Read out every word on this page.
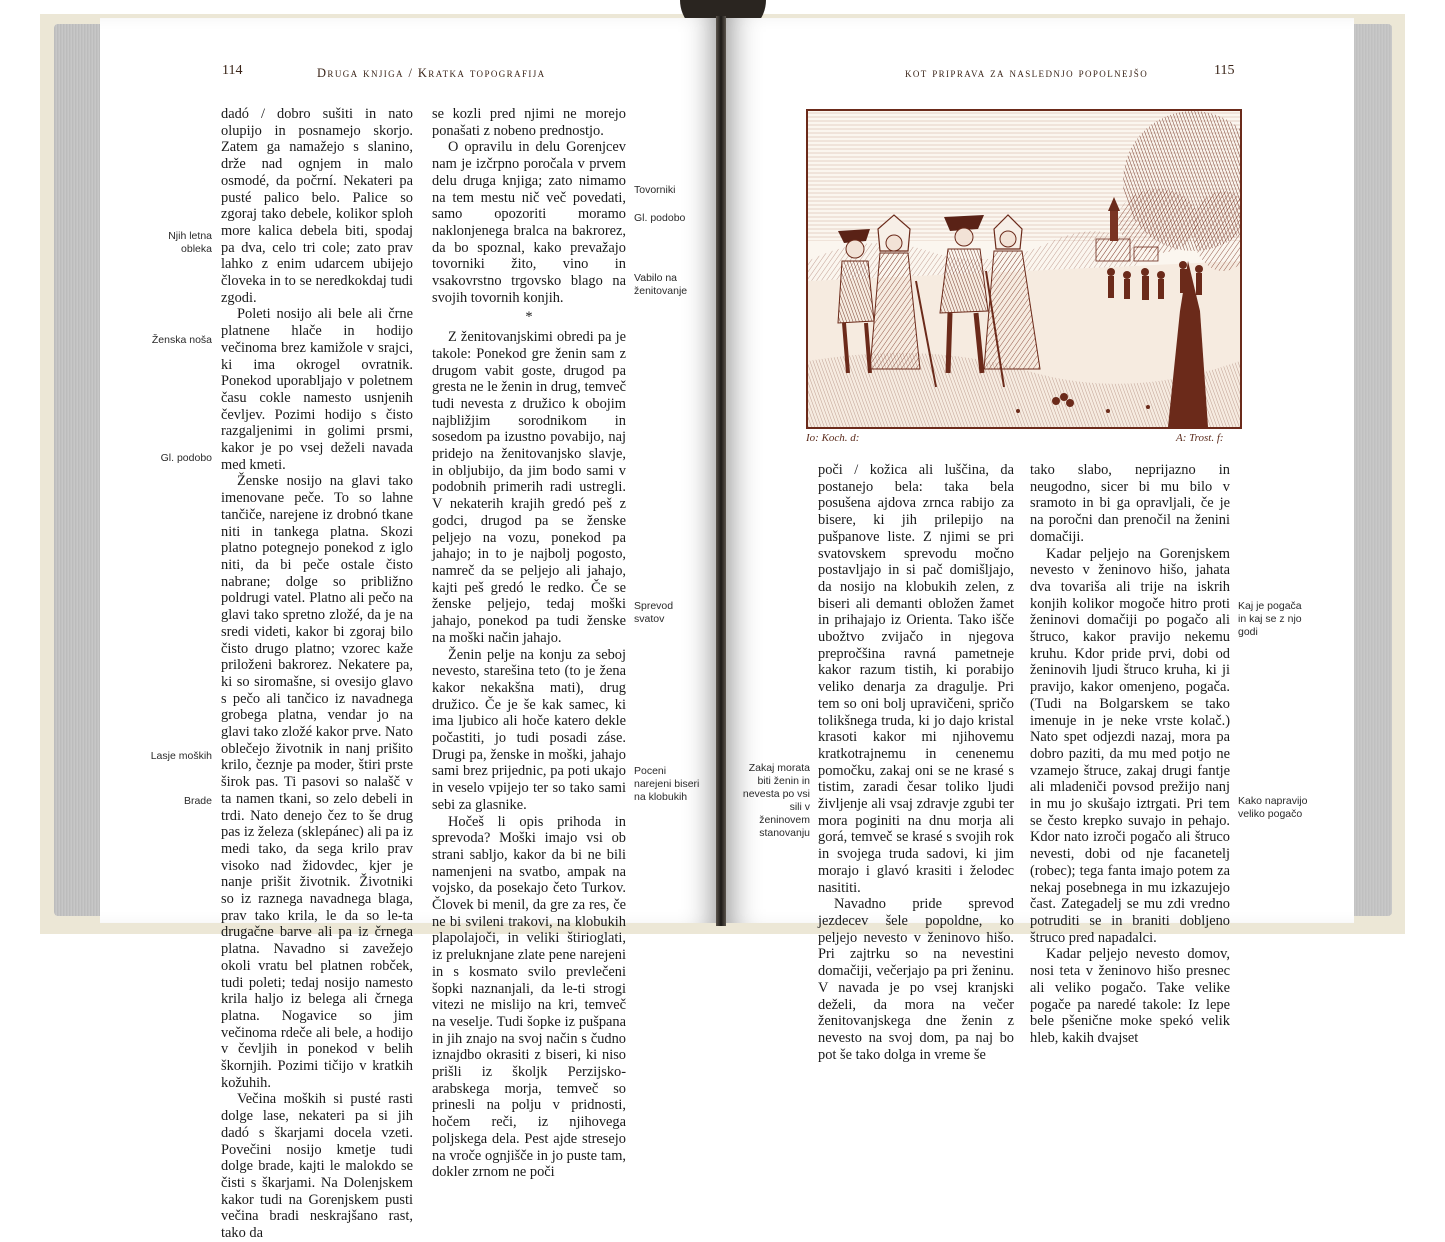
114	Druga knjiga / Kratka topografija	kot priprava za naslednjo popolnejšo	115

dadó / dobro sušiti in nato olupijo in posnamejo skorjo. Zatem ga namažejo s slanino, drže nad ognjem in malo osmodé, da počrní. Nekateri pa pusté palico belo. Palice so zgoraj tako debele, kolikor sploh more kalica debela biti, spodaj pa dva, celo tri cole; zato prav lahko z enim udarcem ubijejo človeka in to se neredkokdaj tudi zgodi.

Poleti nosijo ali bele ali črne platnene hlače in hodijo večinoma brez kamižole v srajci, ki ima okrogel ovratnik. Ponekod uporabljajo v poletnem času cokle namesto usnjenih čevljev. Pozimi hodijo s čisto razgaljenimi in golimi prsmi, kakor je po vsej deželi navada med kmeti.

Ženske nosijo na glavi tako imenovane peče. To so lahne tančiče, narejene iz drobnó tkane niti in tankega platna. Skozi platno potegnejo ponekod z iglo niti, da bi peče ostale čisto nabrane; dolge so približno poldrugi vatel. Platno ali pečo na glavi tako spretno zložé, da je na sredi videti, kakor bi zgoraj bilo čisto drugo platno; vzorec kaže priloženi bakrorez. Nekatere pa, ki so siromašne, si ovesijo glavo s pečo ali tančico iz navadnega grobega platna, vendar jo na glavi tako zložé kakor prve. Nato oblečejo životnik in nanj prišito krilo, čeznje pa moder, štiri prste širok pas. Ti pasovi so nalašč v ta namen tkani, so zelo debeli in trdi. Nato denejo čez to še drug pas iz železa (sklepánec) ali pa iz medi tako, da sega krilo prav visoko nad židovdec, kjer je nanje prišit životnik. Životniki so iz raznega navadnega blaga, prav tako krila, le da so le-ta drugačne barve ali pa iz črnega platna. Navadno si zavežejo okoli vratu bel platnen robček, tudi poleti; tedaj nosijo namesto krila haljo iz belega ali črnega platna. Nogavice so jim večinoma rdeče ali bele, a hodijo v čevljih in ponekod v belih škornjih. Pozimi tičijo v kratkih kožuhih.

Večina moških si pusté rasti dolge lase, nekateri pa si jih dadó s škarjami docela vzeti. Povečini nosijo kmetje tudi dolge brade, kajti le malokdo se čisti s škarjami. Na Dolenjskem kakor tudi na Gorenjskem pusti večina bradi neskrajšano rast, tako da

se kozli pred njimi ne morejo ponašati z nobeno prednostjo.

O opravilu in delu Gorenjcev nam je izčrpno poročala v prvem delu druga knjiga; zato nimamo na tem mestu nič več povedati, samo opozoriti moramo naklonjenega bralca na bakrorez, da bo spoznal, kako prevažajo tovorniki žito, vino in vsakovrstno trgovsko blago na svojih tovornih konjih.

*

Z ženitovanjskimi obredi pa je takole: Ponekod gre ženin sam z drugom vabit goste, drugod pa gresta ne le ženin in drug, temveč tudi nevesta z družico k obojim najbližjim sorodnikom in sosedom pa izustno povabijo, naj pridejo na ženitovanjsko slavje, in obljubijo, da jim bodo sami v podobnih primerih radi ustregli. V nekaterih krajih gredó peš z godci, drugod pa se ženske peljejo na vozu, ponekod pa jahajo; in to je najbolj pogosto, namreč da se peljejo ali jahajo, kajti peš gredó le redko. Če se ženske peljejo, tedaj moški jahajo, ponekod pa tudi ženske na moški način jahajo.

Ženin pelje na konju za seboj nevesto, starešina teto (to je žena kakor nekakšna mati), drug družico. Če je še kak samec, ki ima ljubico ali hoče katero dekle počastiti, jo tudi posadi záse. Drugi pa, ženske in moški, jahajo sami brez prijednic, pa poti ukajo in veselo vpijejo ter so tako sami sebi za glasnike.

Hočeš li opis prihoda in sprevoda? Moški imajo vsi ob strani sabljo, kakor da bi ne bili namenjeni na svatbo, ampak na vojsko, da posekajo četo Turkov. Človek bi menil, da gre za res, če ne bi svileni trakovi, na klobukih plapolajoči, in veliki štirioglati, iz preluknjane zlate pene narejeni in s kosmato svilo prevlečeni šopki naznanjali, da le-ti strogi vitezi ne mislijo na kri, temveč na veselje. Tudi šopke iz pušpana in jih znajo na svoj način s čudno iznajdbo okrasiti z biseri, ki niso prišli iz školjk Perzijsko-arabskega morja, temveč so prinesli na polju v pridnosti, hočem reči, iz njihovega poljskega dela. Pest ajde stresejo na vroče ognjišče in jo puste tam, dokler zrnom ne poči

Njih letna obleka
Ženska noša
Gl. podobo
Lasje moških
Brade
Tovorniki
Gl. podobo
Vabilo na ženitovanje
Sprevod svatov
Poceni narejeni biseri na klobukih
Io: Koch. d:	A: Trost. f:

poči / kožica ali luščina, da postanejo bela: taka bela posušena ajdova zrnca rabijo za bisere, ki jih prilepijo na pušpanove liste. Z njimi se pri svatovskem sprevodu močno postavljajo in si pač domišljajo, da nosijo na klobukih zelen, z biseri ali demanti obložen žamet in prihajajo iz Orienta. Tako išče ubožtvo zvijačo in njegova prepročšina ravná pametneje kakor razum tistih, ki porabijo veliko denarja za dragulje. Pri tem so oni bolj upravičeni, spričo tolikšnega truda, ki jo dajo kristal krasoti kakor mi njihovemu kratkotrajnemu in cenenemu pomočku, zakaj oni se ne krasé s tistim, zaradi česar toliko ljudi življenje ali vsaj zdravje zgubi ter mora poginiti na dnu morja ali gorá, temveč se krasé s svojih rok in svojega truda sadovi, ki jim morajo i glavó krasiti i želodec nasititi.

Navadno pride sprevod jezdecev šele popoldne, ko peljejo nevesto v ženinovo hišo. Pri zajtrku so na nevestini domačiji, večerjajo pa pri ženinu. V navada je po vsej kranjski deželi, da mora na večer ženitovanjskega dne ženin z nevesto na svoj dom, pa naj bo pot še tako dolga in vreme še

tako slabo, neprijazno in neugodno, sicer bi mu bilo v sramoto in bi ga opravljali, če je na poročni dan prenočil na ženini domačiji.

Kadar peljejo na Gorenjskem nevesto v ženinovo hišo, jahata dva tovariša ali trije na iskrih konjih kolikor mogoče hitro proti ženinovi domačiji po pogačo ali štruco, kakor pravijo nekemu kruhu. Kdor pride prvi, dobi od ženinovih ljudi štruco kruha, ki ji pravijo, kakor omenjeno, pogača. (Tudi na Bolgarskem se tako imenuje in je neke vrste kolač.) Nato spet odjezdi nazaj, mora pa dobro paziti, da mu med potjo ne vzamejo štruce, zakaj drugi fantje ali mladeniči povsod prežijo nanj in mu jo skušajo iztrgati. Pri tem se često krepko suvajo in pehajo. Kdor nato izroči pogačo ali štruco nevesti, dobi od nje facanetelj (robec); tega fanta imajo potem za nekaj posebnega in mu izkazujejo čast. Zategadelj se mu zdi vredno potruditi se in braniti dobljeno štruco pred napadalci.

Kadar peljejo nevesto domov, nosi teta v ženinovo hišo presnec ali veliko pogačo. Take velike pogače pa naredé takole: Iz lepe bele pšenične moke spekó velik hleb, kakih dvajset

Zakaj morata biti ženin in nevesta po vsi sili v ženinovem stanovanju
Kaj je pogača in kaj se z njo godi
Kako napravijo veliko pogačo
